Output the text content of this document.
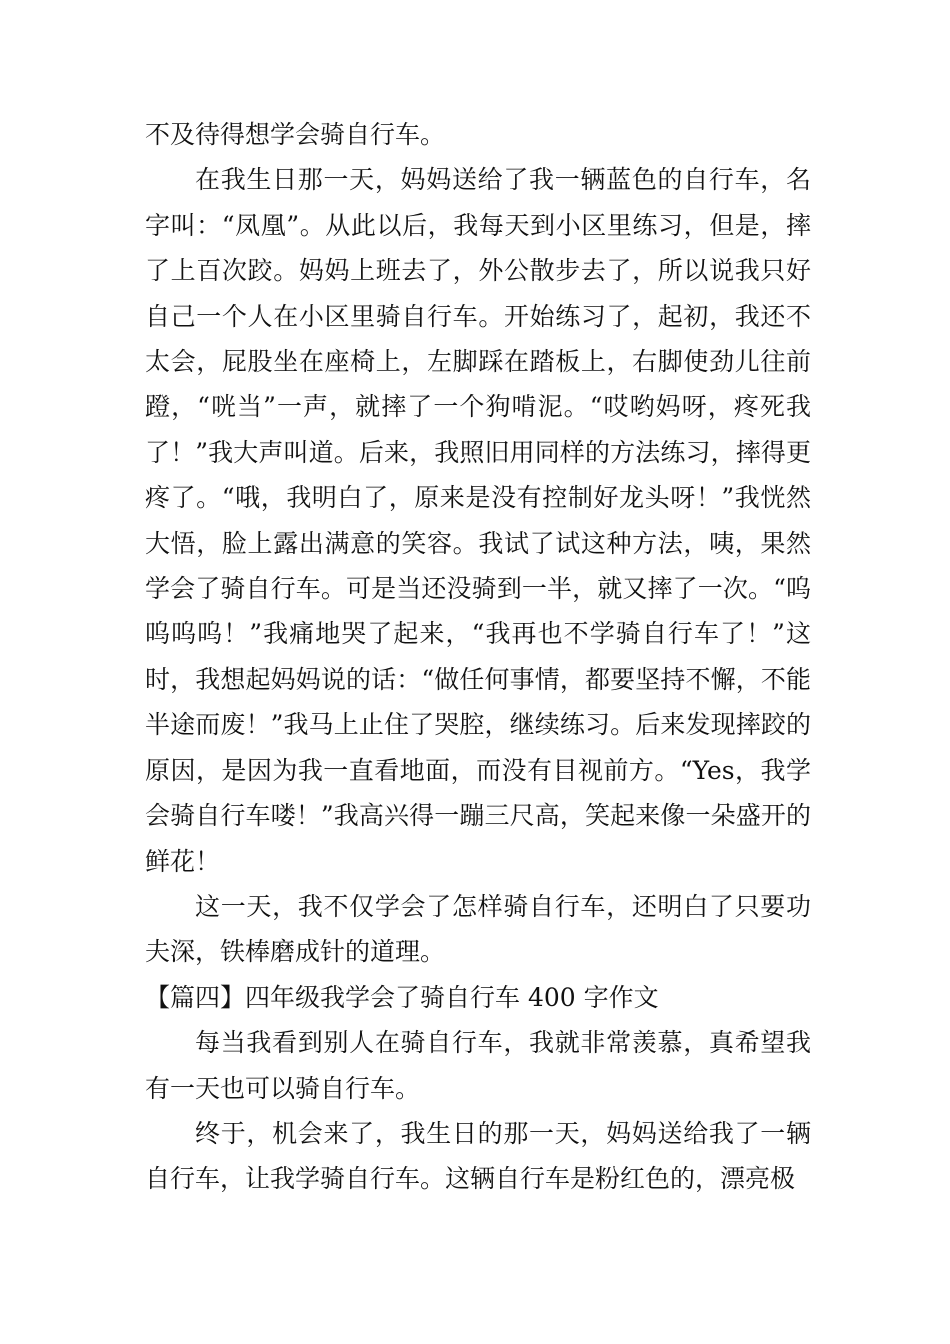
不及待得想学会骑自行车。

在我生日那一天，妈妈送给了我一辆蓝色的自行车，名字叫：“凤凰”。从此以后，我每天到小区里练习，但是，摔了上百次跤。妈妈上班去了，外公散步去了，所以说我只好自己一个人在小区里骑自行车。开始练习了，起初，我还不太会，屁股坐在座椅上，左脚踩在踏板上，右脚使劲儿往前蹬，“咣当”一声，就摔了一个狗啃泥。“哎哟妈呀，疼死我了！”我大声叫道。后来，我照旧用同样的方法练习，摔得更疼了。“哦，我明白了，原来是没有控制好龙头呀！”我恍然大悟，脸上露出满意的笑容。我试了试这种方法，咦，果然学会了骑自行车。可是当还没骑到一半，就又摔了一次。“呜呜呜呜！”我痛地哭了起来，“我再也不学骑自行车了！”这时，我想起妈妈说的话：“做任何事情，都要坚持不懈，不能半途而废！”我马上止住了哭腔，继续练习。后来发现摔跤的原因，是因为我一直看地面，而没有目视前方。“Yes，我学会骑自行车喽！”我高兴得一蹦三尺高，笑起来像一朵盛开的鲜花！

这一天，我不仅学会了怎样骑自行车，还明白了只要功夫深，铁棒磨成针的道理。

【篇四】四年级我学会了骑自行车 400 字作文

每当我看到别人在骑自行车，我就非常羡慕，真希望我有一天也可以骑自行车。

终于，机会来了，我生日的那一天，妈妈送给我了一辆自行车，让我学骑自行车。这辆自行车是粉红色的，漂亮极
